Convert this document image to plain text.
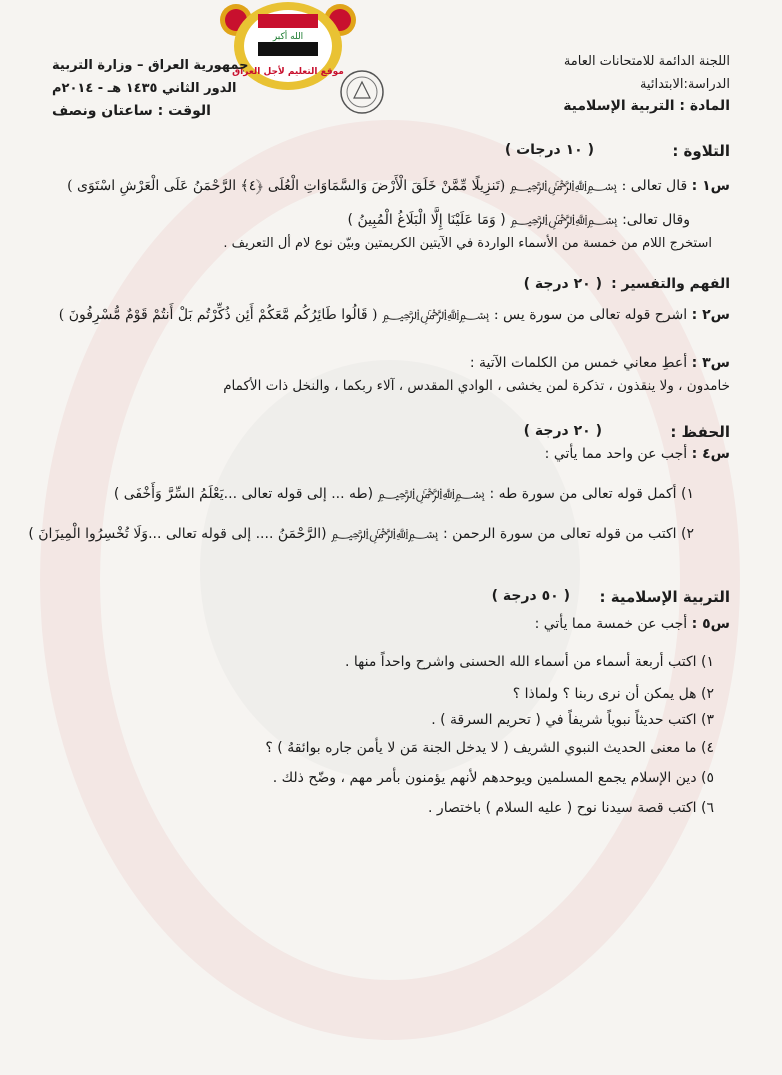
الله أكبر
موقع التعليم لأجل العراق
اللجنة الدائمة للامتحانات العامة
الدراسة:الابتدائية
المادة : التربية الإسلامية
جمهورية العراق – وزارة التربية
الدور الثاني ١٤٣٥ هـ - ٢٠١٤م
الوقت : ساعتان ونصف
التلاوة :
( ١٠ درجات )
س١ : قال تعالى : ﷽ (تَنزِيلًا مِّمَّنْ خَلَقَ الْأَرْضَ وَالسَّمَاوَاتِ الْعُلَى ﴿٤﴾ الرَّحْمَنُ عَلَى الْعَرْشِ اسْتَوَى )
وقال تعالى: ﷽ ( وَمَا عَلَيْنَا إِلَّا الْبَلَاغُ الْمُبِينُ )
استخرج اللام من خمسة من الأسماء الواردة في الآيتين الكريمتين وبيّن نوع لام أل التعريف .
الفهم والتفسير :
( ٢٠ درجة )
س٢ : اشرح قوله تعالى من سورة يس : ﷽ ( قَالُوا طَائِرُكُم مَّعَكُمْ أَئِن ذُكِّرْتُم بَلْ أَنتُمْ قَوْمٌ مُّسْرِفُونَ )
س٣ : أعطِ معاني خمس من الكلمات الآتية :
خامدون ، ولا ينقذون ، تذكرة لمن يخشى ، الوادي المقدس ، آلاء ربكما ، والنخل ذات الأكمام
الحفظ :
( ٢٠ درجة )
س٤ : أجب عن واحد مما يأتي :
١) أكمل قوله تعالى من سورة طه : ﷽ (طه ... إلى قوله تعالى ...يَعْلَمُ السِّرَّ وَأَخْفَى )
٢) اكتب من قوله تعالى من سورة الرحمن : ﷽ (الرَّحْمَنُ .... إلى قوله تعالى ...وَلَا تُخْسِرُوا الْمِيزَانَ )
التربية الإسلامية :
( ٥٠ درجة )
س٥ : أجب عن خمسة مما يأتي :
١) اكتب أربعة أسماء من أسماء الله الحسنى واشرح واحداً منها .
٢) هل يمكن أن نرى ربنا ؟ ولماذا ؟
٣) اكتب حديثاً نبوياً شريفاً في ( تحريم السرقة ) .
٤) ما معنى الحديث النبوي الشريف ( لا يدخل الجنة مَن لا يأمن جاره بوائقهُ ) ؟
٥) دين الإسلام يجمع المسلمين ويوحدهم لأنهم يؤمنون بأمر مهم ، وضّح ذلك .
٦) اكتب قصة سيدنا نوح ( عليه السلام ) باختصار .
